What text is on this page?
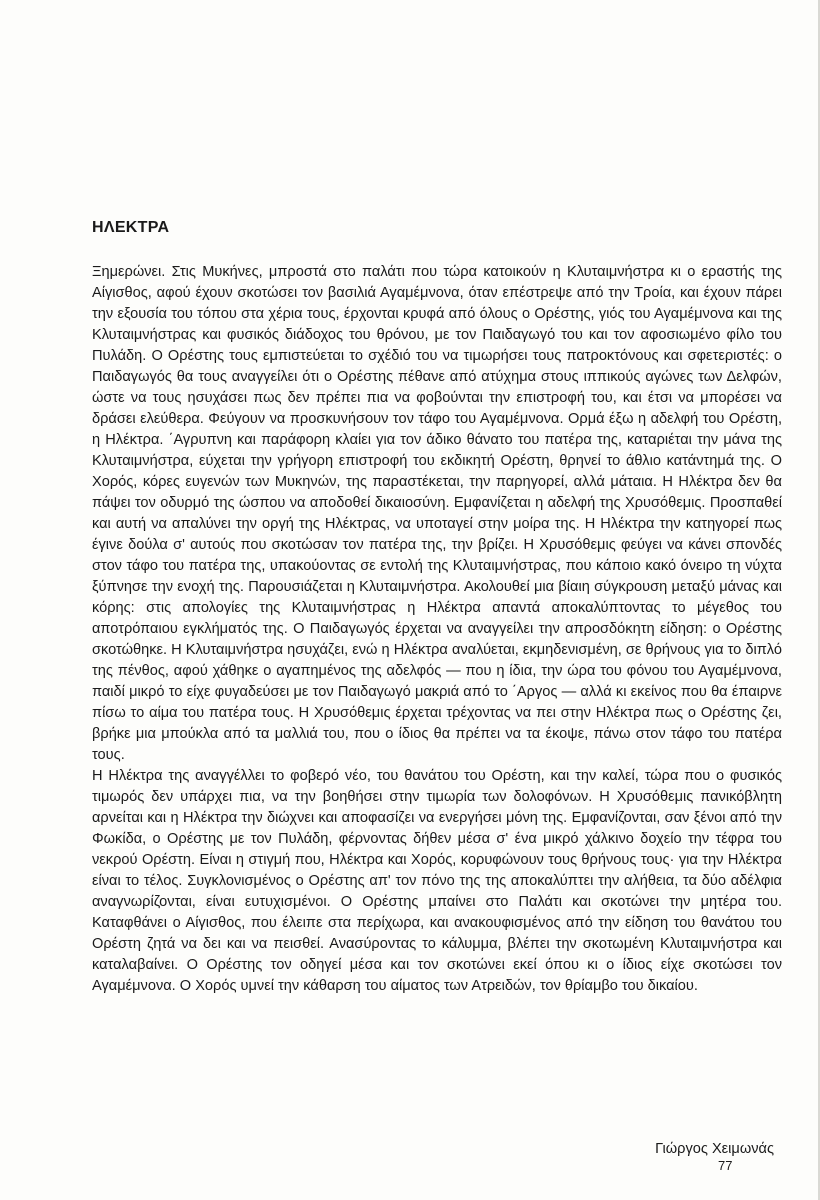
ΗΛΕΚΤΡΑ

Ξημερώνει. Στις Μυκήνες, μπροστά στο παλάτι που τώρα κατοικούν η Κλυταιμνήστρα κι ο εραστής της Αίγισθος, αφού έχουν σκοτώσει τον βασιλιά Αγαμέμνονα, όταν επέστρεψε από την Τροία, και έχουν πάρει την εξουσία του τόπου στα χέρια τους, έρχονται κρυφά από όλους ο Ορέστης, γιός του Αγαμέμνονα και της Κλυταιμνήστρας και φυσικός διάδοχος του θρόνου, με τον Παιδαγωγό του και τον αφοσιωμένο φίλο του Πυλάδη. Ο Ορέστης τους εμπιστεύεται το σχέδιό του να τιμωρήσει τους πατροκτόνους και σφετεριστές: ο Παιδαγωγός θα τους αναγγείλει ότι ο Ορέστης πέθανε από ατύχημα στους ιππικούς αγώνες των Δελφών, ώστε να τους ησυχάσει πως δεν πρέπει πια να φοβούνται την επιστροφή του, και έτσι να μπορέσει να δράσει ελεύθερα. Φεύγουν να προσκυνήσουν τον τάφο του Αγαμέμνονα. Ορμά έξω η αδελφή του Ορέστη, η Ηλέκτρα. ΄Αγρυπνη και παράφορη κλαίει για τον άδικο θάνατο του πατέρα της, καταριέται την μάνα της Κλυταιμνήστρα, εύχεται την γρήγορη επιστροφή του εκδικητή Ορέστη, θρηνεί το άθλιο κατάντημά της. Ο Χορός, κόρες ευγενών των Μυκηνών, της παραστέκεται, την παρηγορεί, αλλά μάταια. Η Ηλέκτρα δεν θα πάψει τον οδυρμό της ώσπου να αποδοθεί δικαιοσύνη. Εμφανίζεται η αδελφή της Χρυσόθεμις. Προσπαθεί και αυτή να απαλύνει την οργή της Ηλέκτρας, να υποταγεί στην μοίρα της. Η Ηλέκτρα την κατηγορεί πως έγινε δούλα σ' αυτούς που σκοτώσαν τον πατέρα της, την βρίζει. Η Χρυσόθεμις φεύγει να κάνει σπονδές στον τάφο του πατέρα της, υπακούοντας σε εντολή της Κλυταιμνήστρας, που κάποιο κακό όνειρο τη νύχτα ξύπνησε την ενοχή της. Παρουσιάζεται η Κλυταιμνήστρα. Ακολουθεί μια βίαιη σύγκρουση μεταξύ μάνας και κόρης: στις απολογίες της Κλυταιμνήστρας η Ηλέκτρα απαντά αποκαλύπτοντας το μέγεθος του αποτρόπαιου εγκλήματός της. Ο Παιδαγωγός έρχεται να αναγγείλει την απροσδόκητη είδηση: ο Ορέστης σκοτώθηκε. Η Κλυταιμνήστρα ησυχάζει, ενώ η Ηλέκτρα αναλύεται, εκμηδενισμένη, σε θρήνους για το διπλό της πένθος, αφού χάθηκε ο αγαπημένος της αδελφός — που η ίδια, την ώρα του φόνου του Αγαμέμνονα, παιδί μικρό το είχε φυγαδεύσει με τον Παιδαγωγό μακριά από το ΄Αργος — αλλά κι εκείνος που θα έπαιρνε πίσω το αίμα του πατέρα τους. Η Χρυσόθεμις έρχεται τρέχοντας να πει στην Ηλέκτρα πως ο Ορέστης ζει, βρήκε μια μπούκλα από τα μαλλιά του, που ο ίδιος θα πρέπει να τα έκοψε, πάνω στον τάφο του πατέρα τους.

Η Ηλέκτρα της αναγγέλλει το φοβερό νέο, του θανάτου του Ορέστη, και την καλεί, τώρα που ο φυσικός τιμωρός δεν υπάρχει πια, να την βοηθήσει στην τιμωρία των δολοφόνων. Η Χρυσόθεμις πανικόβλητη αρνείται και η Ηλέκτρα την διώχνει και αποφασίζει να ενεργήσει μόνη της. Εμφανίζονται, σαν ξένοι από την Φωκίδα, ο Ορέστης με τον Πυλάδη, φέρνοντας δήθεν μέσα σ' ένα μικρό χάλκινο δοχείο την τέφρα του νεκρού Ορέστη. Είναι η στιγμή που, Ηλέκτρα και Χορός, κορυφώνουν τους θρήνους τους· για την Ηλέκτρα είναι το τέλος. Συγκλονισμένος ο Ορέστης απ' τον πόνο της της αποκαλύπτει την αλήθεια, τα δύο αδέλφια αναγνωρίζονται, είναι ευτυχισμένοι. Ο Ορέστης μπαίνει στο Παλάτι και σκοτώνει την μητέρα του. Καταφθάνει ο Αίγισθος, που έλειπε στα περίχωρα, και ανακουφισμένος από την είδηση του θανάτου του Ορέστη ζητά να δει και να πεισθεί. Ανασύροντας το κάλυμμα, βλέπει την σκοτωμένη Κλυταιμνήστρα και καταλαβαίνει. Ο Ορέστης τον οδηγεί μέσα και τον σκοτώνει εκεί όπου κι ο ίδιος είχε σκοτώσει τον Αγαμέμνονα. Ο Χορός υμνεί την κάθαρση του αίματος των Ατρειδών, τον θρίαμβο του δικαίου.

Γιώργος Χειμωνάς
77
